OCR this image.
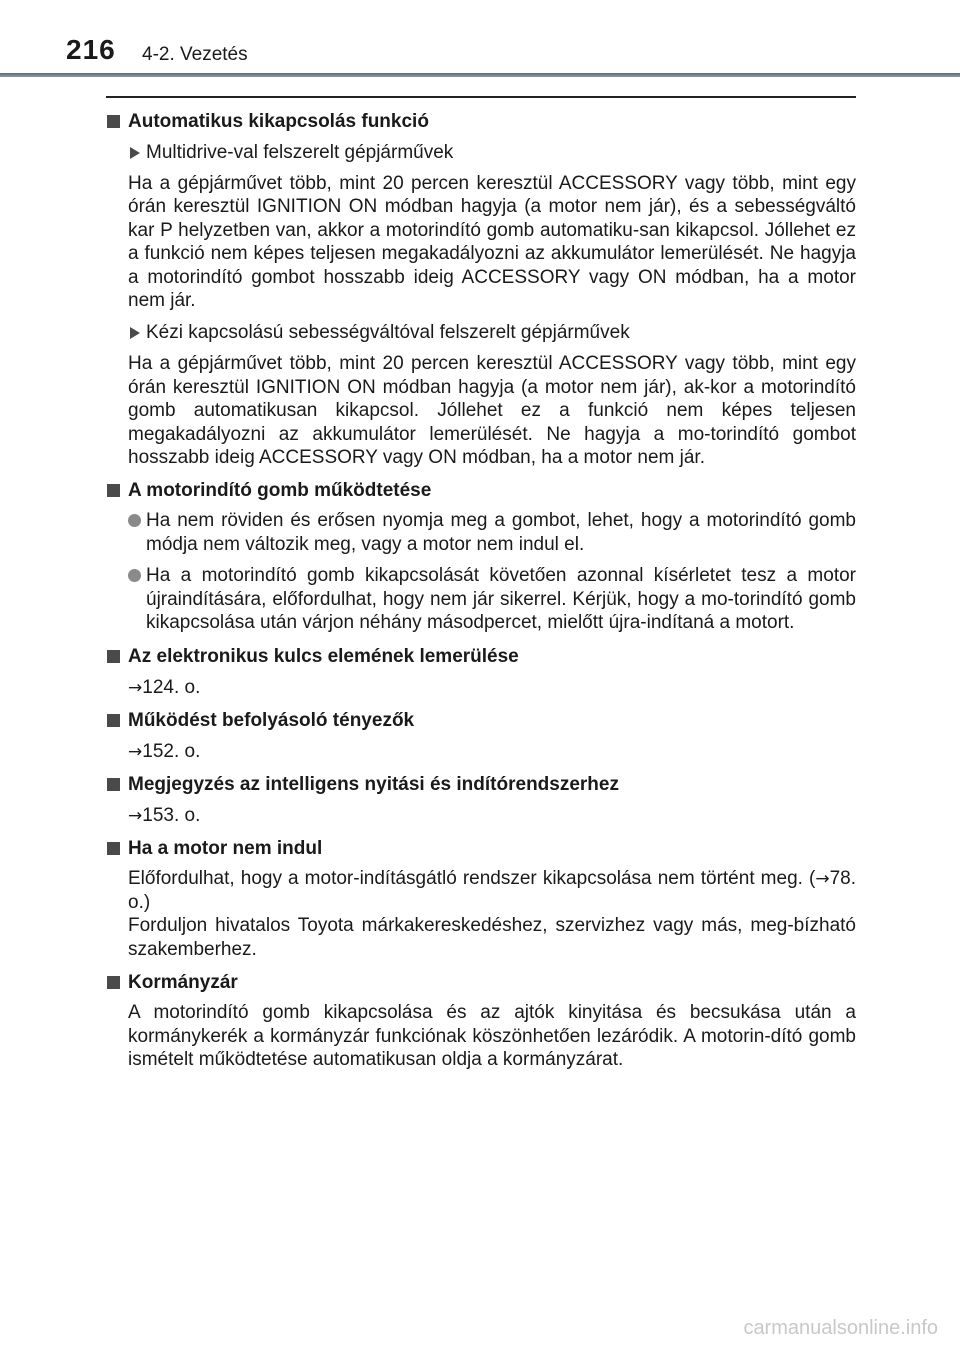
216 4-2. Vezetés
Automatikus kikapcsolás funkció
Multidrive-val felszerelt gépjárművek
Ha a gépjárművet több, mint 20 percen keresztül ACCESSORY vagy több, mint egy órán keresztül IGNITION ON módban hagyja (a motor nem jár), és a sebességváltó kar P helyzetben van, akkor a motorindító gomb automatiku-san kikapcsol. Jóllehet ez a funkció nem képes teljesen megakadályozni az akkumulátor lemerülését. Ne hagyja a motorindító gombot hosszabb ideig ACCESSORY vagy ON módban, ha a motor nem jár.
Kézi kapcsolású sebességváltóval felszerelt gépjárművek
Ha a gépjárművet több, mint 20 percen keresztül ACCESSORY vagy több, mint egy órán keresztül IGNITION ON módban hagyja (a motor nem jár), ak-kor a motorindító gomb automatikusan kikapcsol. Jóllehet ez a funkció nem képes teljesen megakadályozni az akkumulátor lemerülését. Ne hagyja a mo-torindító gombot hosszabb ideig ACCESSORY vagy ON módban, ha a motor nem jár.
A motorindító gomb működtetése
Ha nem röviden és erősen nyomja meg a gombot, lehet, hogy a motorindító gomb módja nem változik meg, vagy a motor nem indul el.
Ha a motorindító gomb kikapcsolását követően azonnal kísérletet tesz a motor újraindítására, előfordulhat, hogy nem jár sikerrel. Kérjük, hogy a mo-torindító gomb kikapcsolása után várjon néhány másodpercet, mielőtt újra-indítaná a motort.
Az elektronikus kulcs elemének lemerülése
→124. o.
Működést befolyásoló tényezők
→152. o.
Megjegyzés az intelligens nyitási és indítórendszerhez
→153. o.
Ha a motor nem indul
Előfordulhat, hogy a motor-indításgátló rendszer kikapcsolása nem történt meg. (→78. o.)
Forduljon hivatalos Toyota márkakereskedéshez, szervizhez vagy más, meg-bízható szakemberhez.
Kormányzár
A motorindító gomb kikapcsolása és az ajtók kinyitása és becsukása után a kormánykerék a kormányzár funkciónak köszönhetően lezáródik. A motorin-dító gomb ismételt működtetése automatikusan oldja a kormányzárat.
carmanualsonline.info
